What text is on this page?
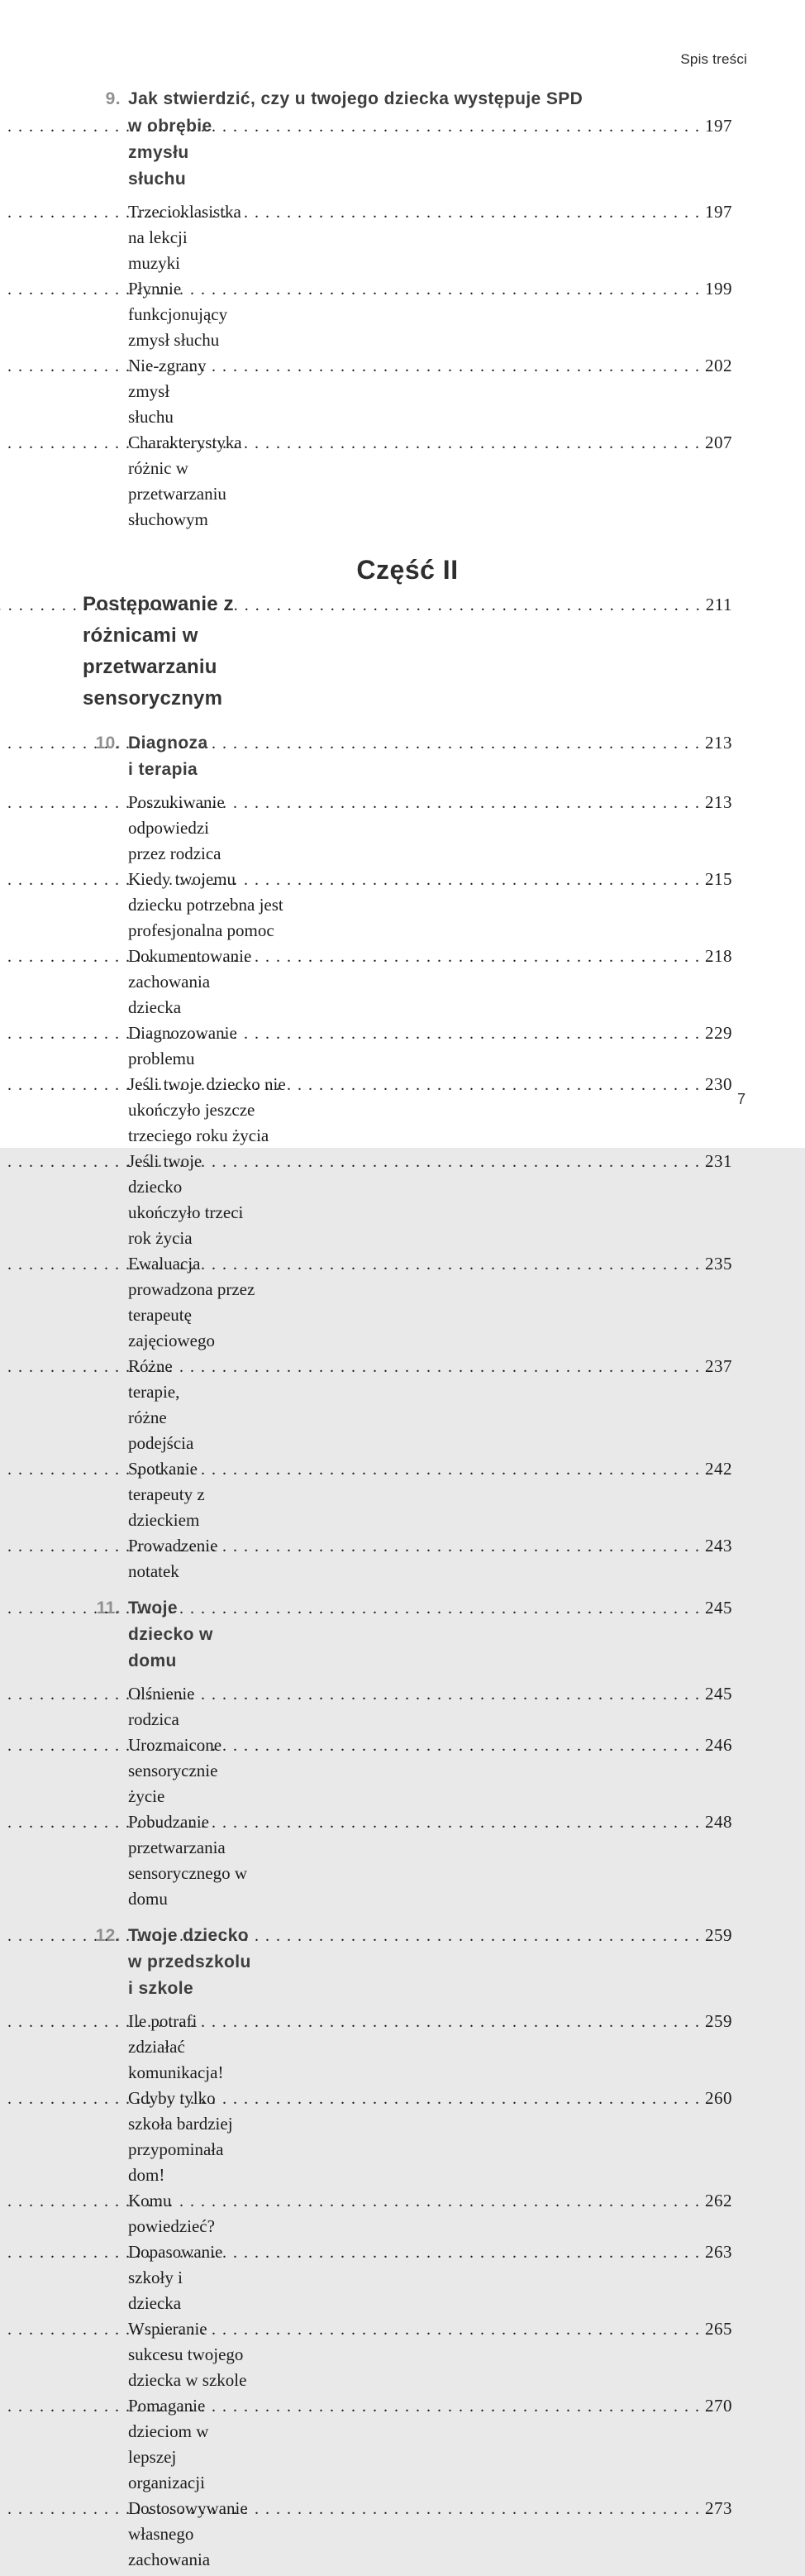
Spis treści
9. Jak stwierdzić, czy u twojego dziecka występuje SPD
w obrębie zmysłu słuchu
. . .
197
Trzecioklasistka na lekcji muzyki
. . .
197
Płynnie funkcjonujący zmysł słuchu
. . .
199
Nie-zgrany zmysł słuchu
. . .
202
Charakterystyka różnic w przetwarzaniu słuchowym
. . .
207
Część II
Postępowanie z różnicami w przetwarzaniu sensorycznym
. . .
211
10. Diagnoza i terapia
. . .
213
Poszukiwanie odpowiedzi przez rodzica
. . .
213
Kiedy twojemu dziecku potrzebna jest profesjonalna pomoc
. . .
215
Dokumentowanie zachowania dziecka
. . .
218
Diagnozowanie problemu
. . .
229
Jeśli twoje dziecko nie ukończyło jeszcze trzeciego roku życia
. . .
230
Jeśli twoje dziecko ukończyło trzeci rok życia
. . .
231
Ewaluacja prowadzona przez terapeutę zajęciowego
. . .
235
Różne terapie, różne podejścia
. . .
237
Spotkanie terapeuty z dzieckiem
. . .
242
Prowadzenie notatek
. . .
243
11. Twoje dziecko w domu
. . .
245
Olśnienie rodzica
. . .
245
Urozmaicone sensorycznie życie
. . .
246
Pobudzanie przetwarzania sensorycznego w domu
. . .
248
12. Twoje dziecko w przedszkolu i szkole
. . .
259
Ile potrafi zdziałać komunikacja!
. . .
259
Gdyby tylko szkoła bardziej przypominała dom!
. . .
260
Komu powiedzieć?
. . .
262
Dopasowanie szkoły i dziecka
. . .
263
Wspieranie sukcesu twojego dziecka w szkole
. . .
265
Pomaganie dzieciom w lepszej organizacji
. . .
270
Dostosowywanie własnego zachowania
. . .
273
7
